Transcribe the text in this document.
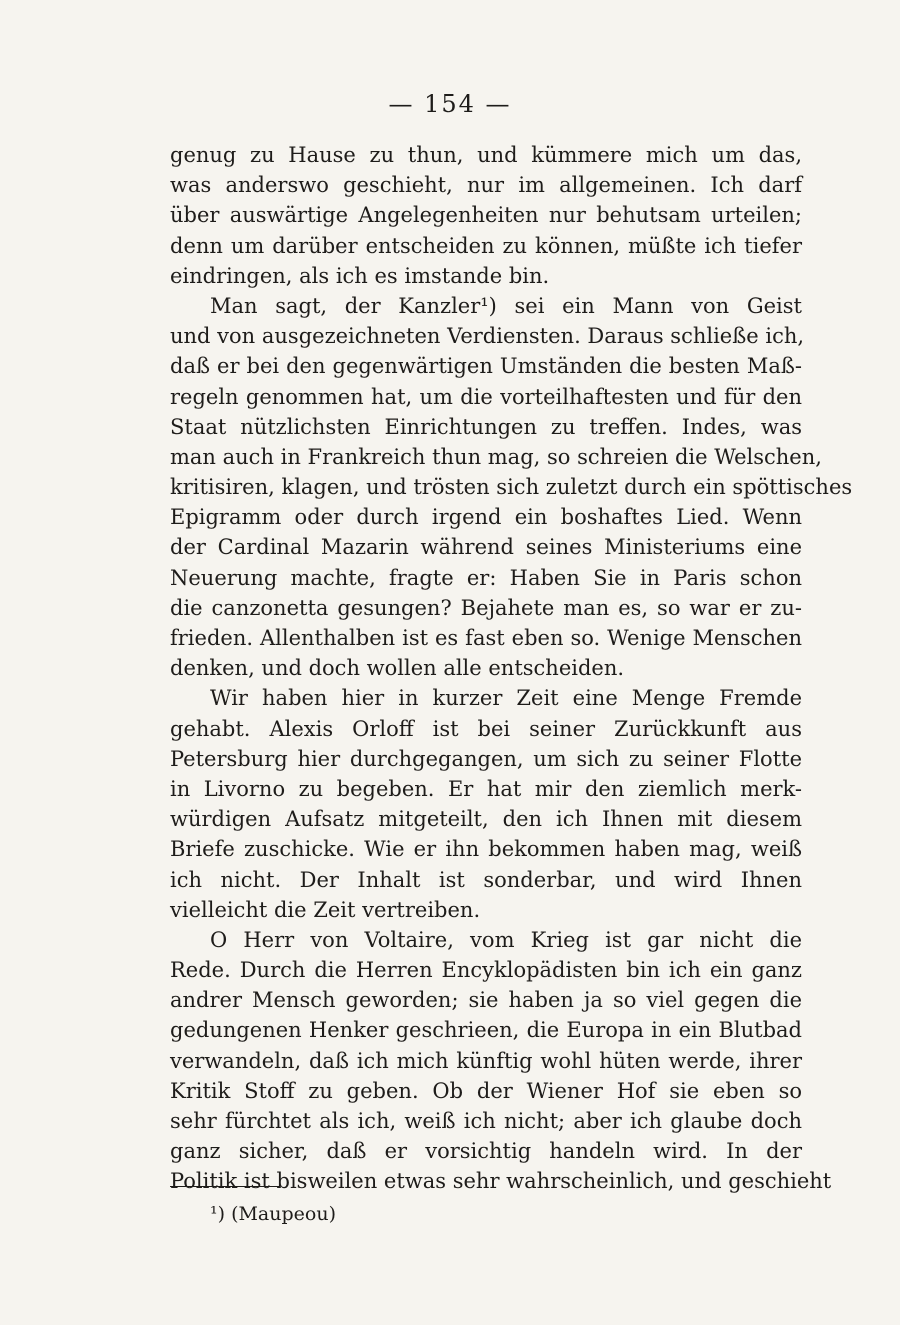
— 154 —
genug zu Hause zu thun, und kümmere mich um das,
was anderswo geschieht, nur im allgemeinen. Ich darf
über auswärtige Angelegenheiten nur behutsam urteilen;
denn um darüber entscheiden zu können, müßte ich tiefer
eindringen, als ich es imstande bin.
Man sagt, der Kanzler¹) sei ein Mann von Geist
und von ausgezeichneten Verdiensten. Daraus schließe ich,
daß er bei den gegenwärtigen Umständen die besten Maß-
regeln genommen hat, um die vorteilhaftesten und für den
Staat nützlichsten Einrichtungen zu treffen. Indes, was
man auch in Frankreich thun mag, so schreien die Welschen,
kritisiren, klagen, und trösten sich zuletzt durch ein spöttisches
Epigramm oder durch irgend ein boshaftes Lied. Wenn
der Cardinal Mazarin während seines Ministeriums eine
Neuerung machte, fragte er: Haben Sie in Paris schon
die canzonetta gesungen? Bejahete man es, so war er zu-
frieden. Allenthalben ist es fast eben so. Wenige Menschen
denken, und doch wollen alle entscheiden.
Wir haben hier in kurzer Zeit eine Menge Fremde
gehabt. Alexis Orloff ist bei seiner Zurückkunft aus
Petersburg hier durchgegangen, um sich zu seiner Flotte
in Livorno zu begeben. Er hat mir den ziemlich merk-
würdigen Aufsatz mitgeteilt, den ich Ihnen mit diesem
Briefe zuschicke. Wie er ihn bekommen haben mag, weiß
ich nicht. Der Inhalt ist sonderbar, und wird Ihnen
vielleicht die Zeit vertreiben.
O Herr von Voltaire, vom Krieg ist gar nicht die
Rede. Durch die Herren Encyklopädisten bin ich ein ganz
andrer Mensch geworden; sie haben ja so viel gegen die
gedungenen Henker geschrieen, die Europa in ein Blutbad
verwandeln, daß ich mich künftig wohl hüten werde, ihrer
Kritik Stoff zu geben. Ob der Wiener Hof sie eben so
sehr fürchtet als ich, weiß ich nicht; aber ich glaube doch
ganz sicher, daß er vorsichtig handeln wird. In der
Politik ist bisweilen etwas sehr wahrscheinlich, und geschieht
¹) (Maupeou)
